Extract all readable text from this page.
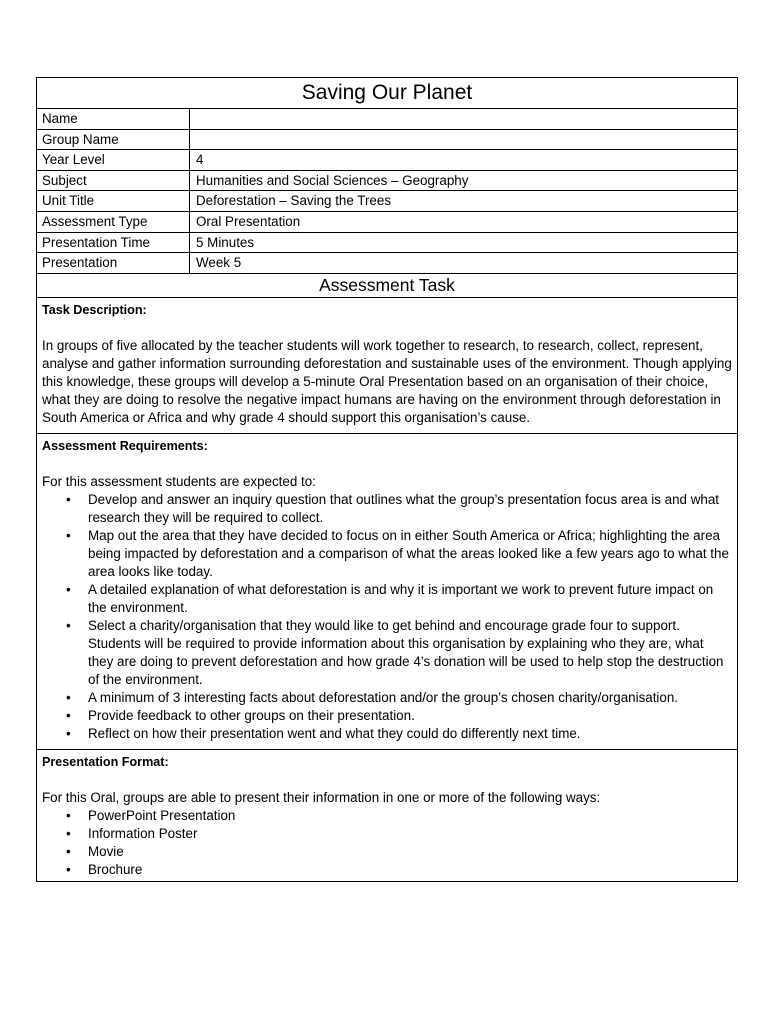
Saving Our Planet
Name
Group Name
Year Level	4
Subject	Humanities and Social Sciences – Geography
Unit Title	Deforestation – Saving the Trees
Assessment Type	Oral Presentation
Presentation Time	5 Minutes
Presentation	Week 5
Assessment Task
Task Description:
In groups of five allocated by the teacher students will work together to research, to research, collect, represent, analyse and gather information surrounding deforestation and sustainable uses of the environment. Though applying this knowledge, these groups will develop a 5-minute Oral Presentation based on an organisation of their choice, what they are doing to resolve the negative impact humans are having on the environment through deforestation in South America or Africa and why grade 4 should support this organisation’s cause.
Assessment Requirements:
For this assessment students are expected to:
• Develop and answer an inquiry question that outlines what the group’s presentation focus area is and what research they will be required to collect.
• Map out the area that they have decided to focus on in either South America or Africa; highlighting the area being impacted by deforestation and a comparison of what the areas looked like a few years ago to what the area looks like today.
• A detailed explanation of what deforestation is and why it is important we work to prevent future impact on the environment.
• Select a charity/organisation that they would like to get behind and encourage grade four to support. Students will be required to provide information about this organisation by explaining who they are, what they are doing to prevent deforestation and how grade 4’s donation will be used to help stop the destruction of the environment.
• A minimum of 3 interesting facts about deforestation and/or the group’s chosen charity/organisation.
• Provide feedback to other groups on their presentation.
• Reflect on how their presentation went and what they could do differently next time.
Presentation Format:
For this Oral, groups are able to present their information in one or more of the following ways:
• PowerPoint Presentation
• Information Poster
• Movie
• Brochure
